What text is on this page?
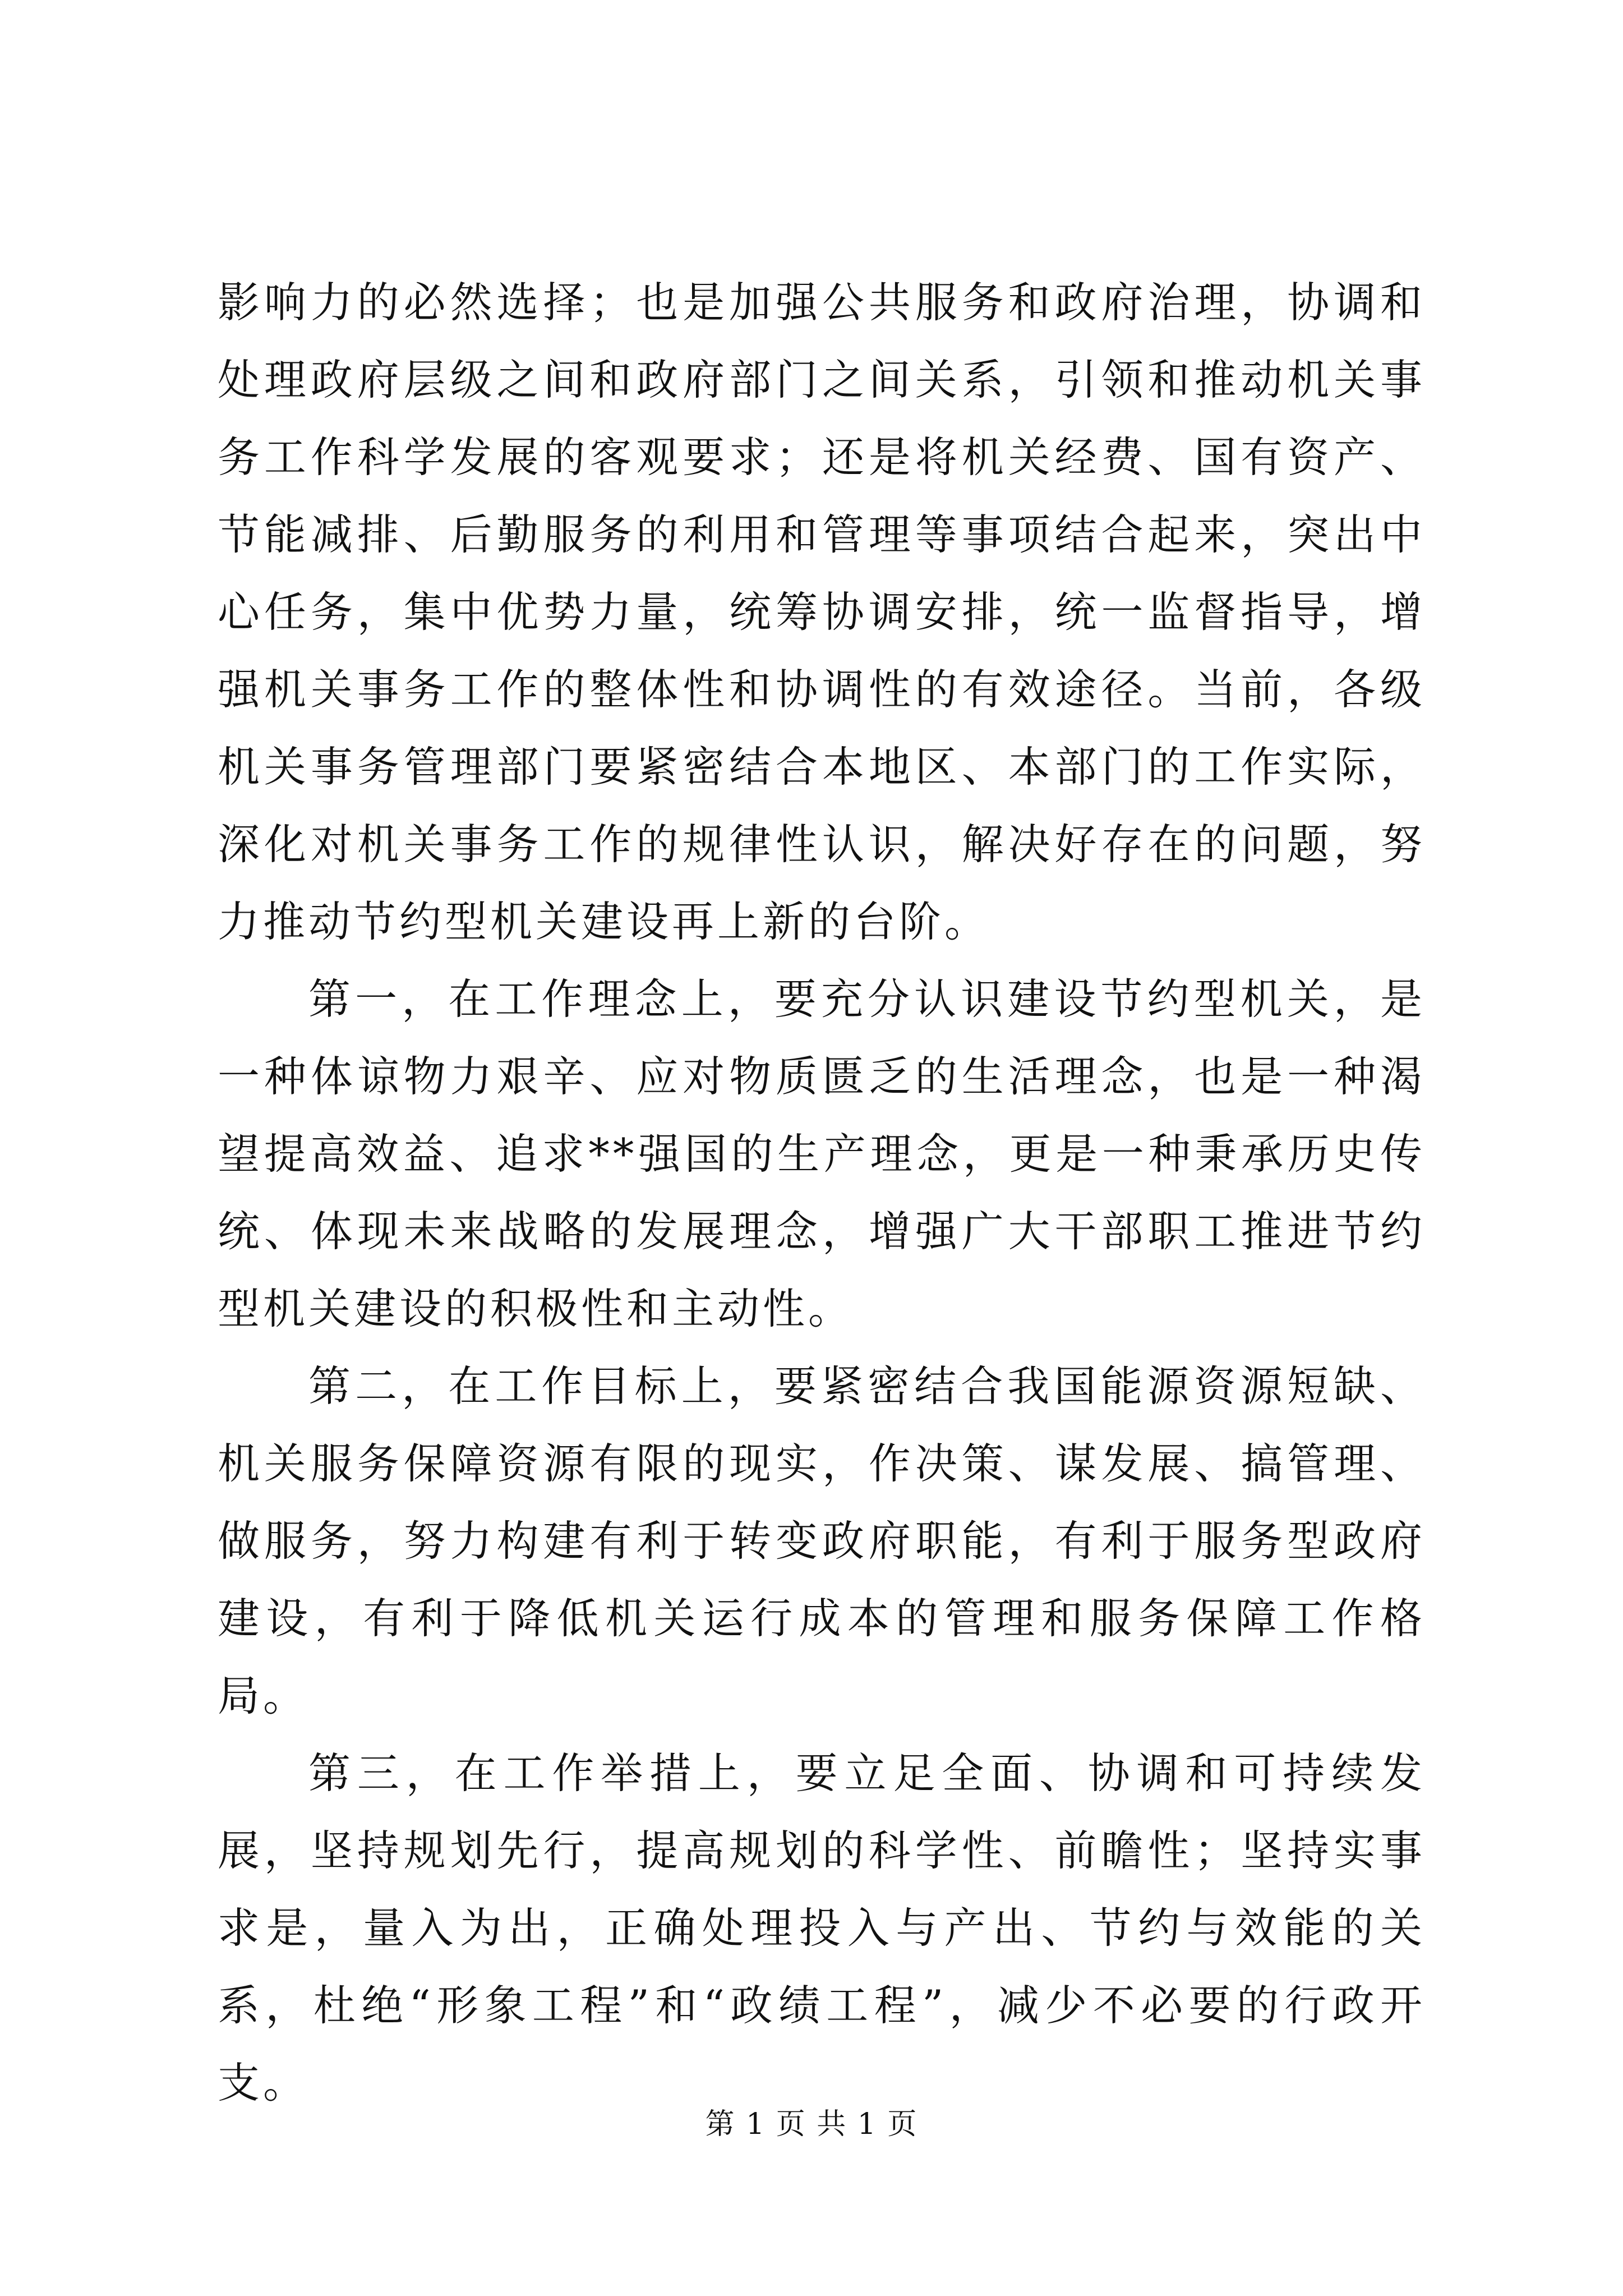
影响力的必然选择；也是加强公共服务和政府治理，协调和处理政府层级之间和政府部门之间关系，引领和推动机关事务工作科学发展的客观要求；还是将机关经费、国有资产、节能减排、后勤服务的利用和管理等事项结合起来，突出中心任务，集中优势力量，统筹协调安排，统一监督指导，增强机关事务工作的整体性和协调性的有效途径。当前，各级机关事务管理部门要紧密结合本地区、本部门的工作实际，深化对机关事务工作的规律性认识，解决好存在的问题，努力推动节约型机关建设再上新的台阶。

第一，在工作理念上，要充分认识建设节约型机关，是一种体谅物力艰辛、应对物质匮乏的生活理念，也是一种渴望提高效益、追求**强国的生产理念，更是一种秉承历史传统、体现未来战略的发展理念，增强广大干部职工推进节约型机关建设的积极性和主动性。

第二，在工作目标上，要紧密结合我国能源资源短缺、机关服务保障资源有限的现实，作决策、谋发展、搞管理、做服务，努力构建有利于转变政府职能，有利于服务型政府建设，有利于降低机关运行成本的管理和服务保障工作格局。

第三，在工作举措上，要立足全面、协调和可持续发展，坚持规划先行，提高规划的科学性、前瞻性；坚持实事求是，量入为出，正确处理投入与产出、节约与效能的关系，杜绝“形象工程”和“政绩工程”，减少不必要的行政开支。

第 1 页 共 1 页
